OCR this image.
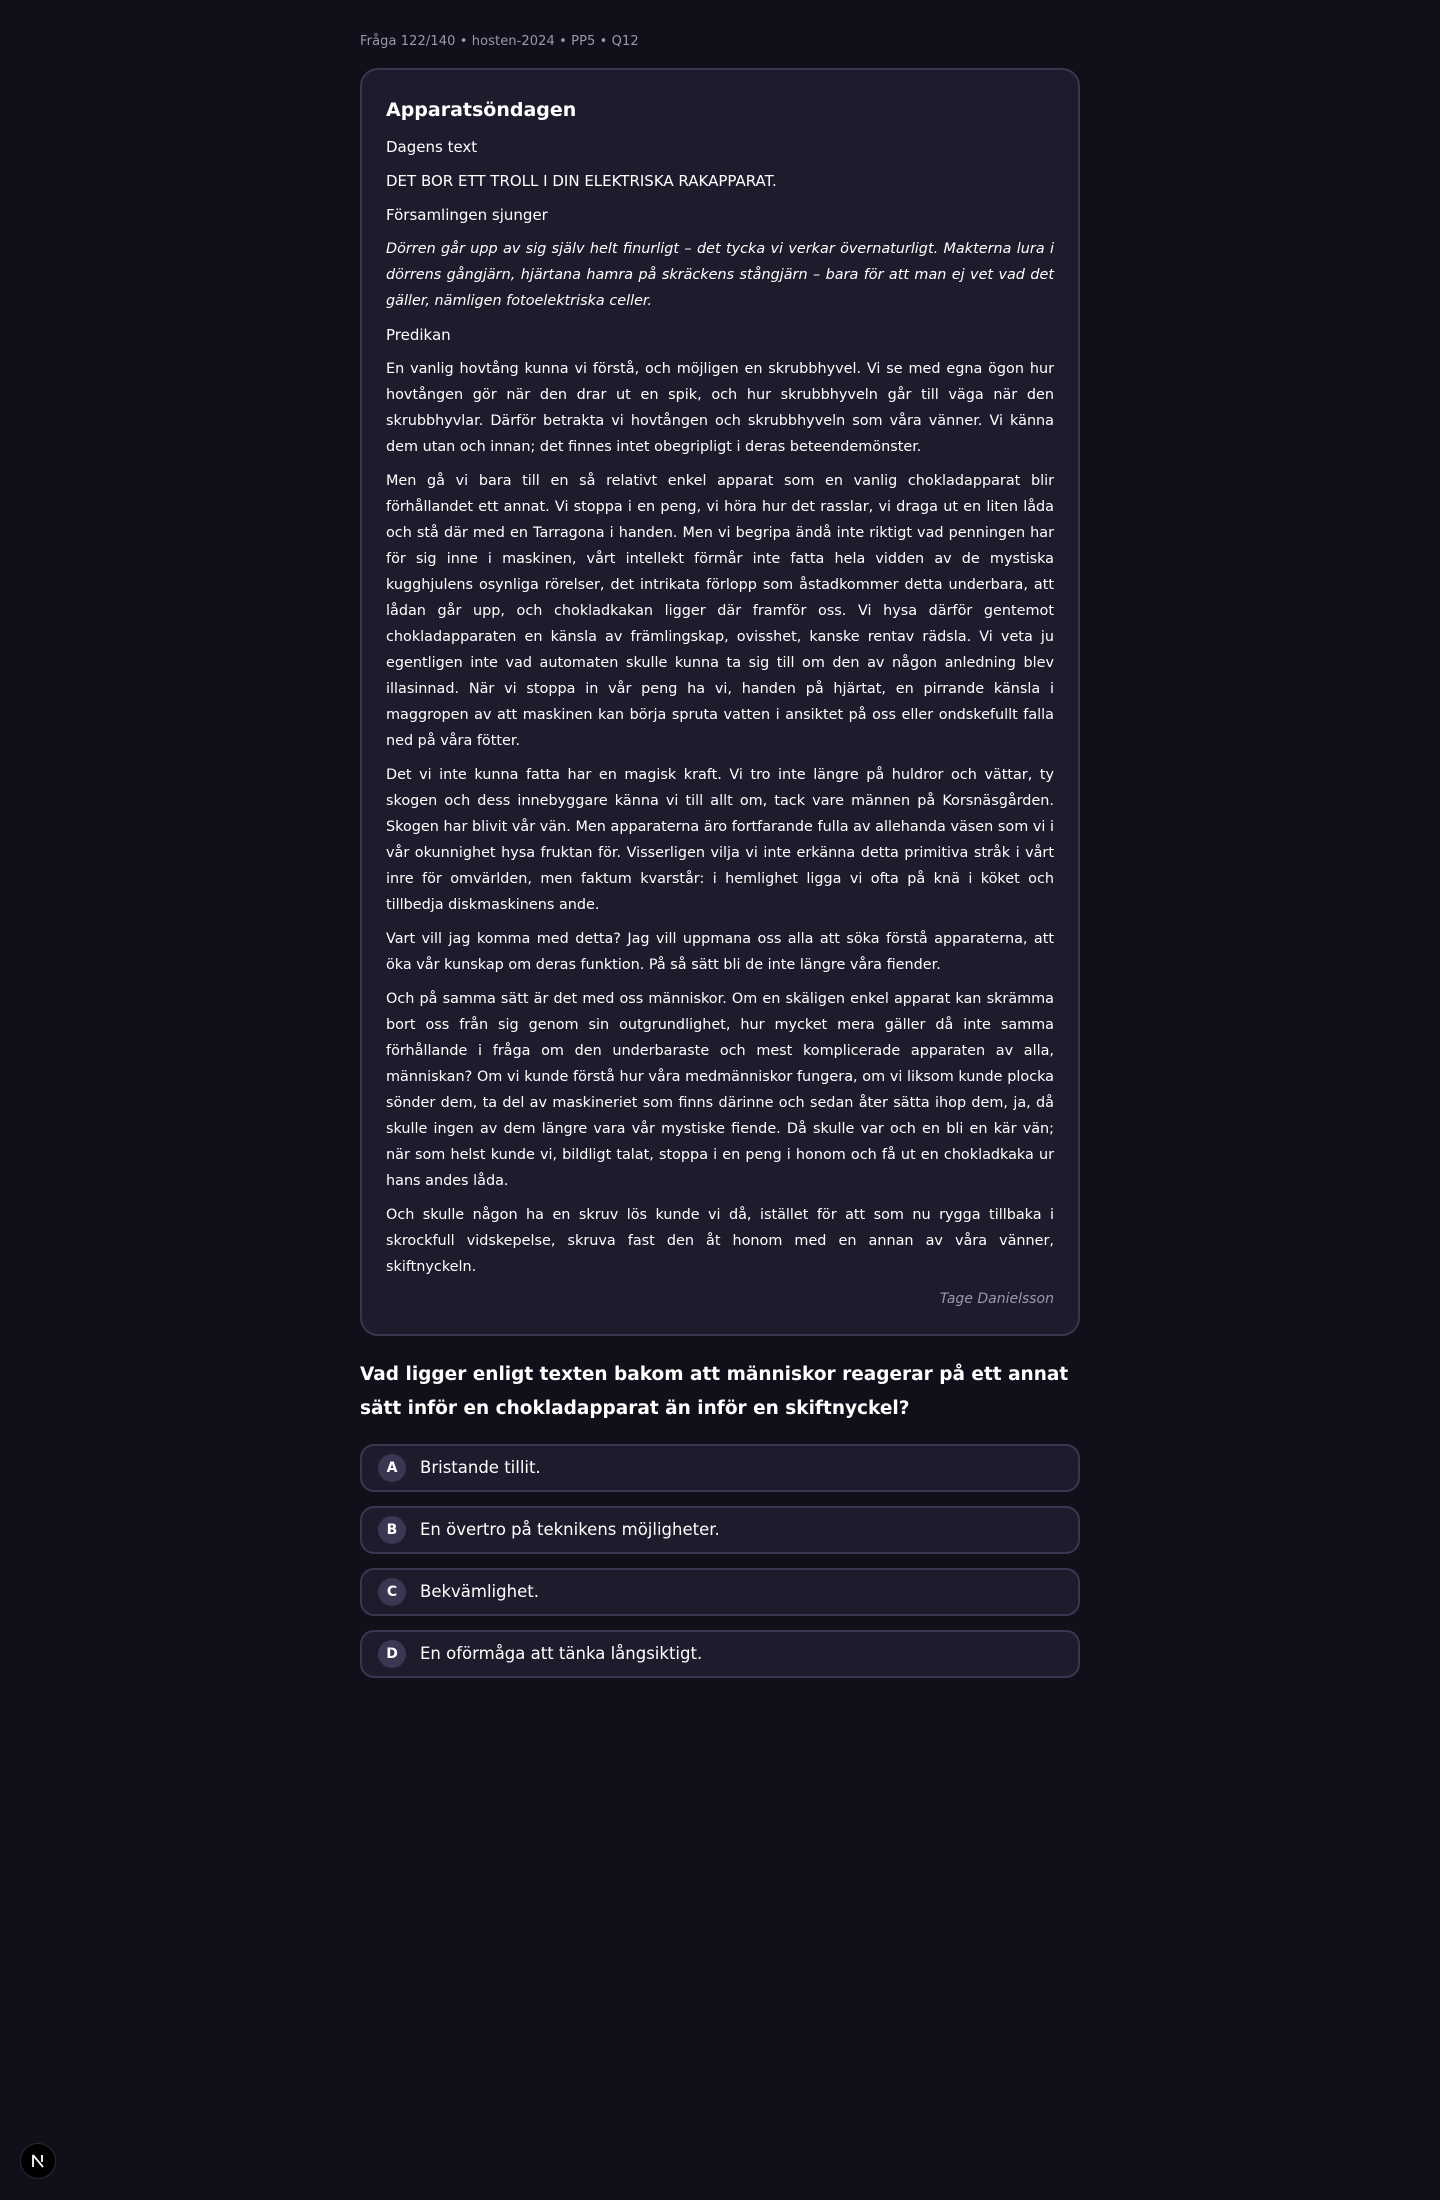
Fråga 122/140 • hosten-2024 • PP5 • Q12
Apparatsöndagen

Dagens text

DET BOR ETT TROLL I DIN ELEKTRISKA RAKAPPARAT.

Församlingen sjunger

Dörren går upp av sig själv helt finurligt – det tycka vi verkar övernaturligt. Makterna lura i dörrens gångjärn, hjärtana hamra på skräckens stångjärn – bara för att man ej vet vad det gäller, nämligen fotoelektriska celler.

Predikan

En vanlig hovtång kunna vi förstå, och möjligen en skrubbhyvel. Vi se med egna ögon hur hovtången gör när den drar ut en spik, och hur skrubbhyveln går till väga när den skrubbhyvlar. Därför betrakta vi hovtången och skrubbhyveln som våra vänner. Vi känna dem utan och innan; det finnes intet obegripligt i deras beteendemönster.

Men gå vi bara till en så relativt enkel apparat som en vanlig chokladapparat blir förhållandet ett annat. Vi stoppa i en peng, vi höra hur det rasslar, vi draga ut en liten låda och stå där med en Tarragona i handen. Men vi begripa ändå inte riktigt vad penningen har för sig inne i maskinen, vårt intellekt förmår inte fatta hela vidden av de mystiska kugghjulens osynliga rörelser, det intrikata förlopp som åstadkommer detta underbara, att lådan går upp, och chokladkakan ligger där framför oss. Vi hysa därför gentemot chokladapparaten en känsla av främlingskap, ovisshet, kanske rentav rädsla. Vi veta ju egentligen inte vad automaten skulle kunna ta sig till om den av någon anledning blev illasinnad. När vi stoppa in vår peng ha vi, handen på hjärtat, en pirrande känsla i maggropen av att maskinen kan börja spruta vatten i ansiktet på oss eller ondskefullt falla ned på våra fötter.

Det vi inte kunna fatta har en magisk kraft. Vi tro inte längre på huldror och vättar, ty skogen och dess innebyggare känna vi till allt om, tack vare männen på Korsnäsgården. Skogen har blivit vår vän. Men apparaterna äro fortfarande fulla av allehanda väsen som vi i vår okunnighet hysa fruktan för. Visserligen vilja vi inte erkänna detta primitiva stråk i vårt inre för omvärlden, men faktum kvarstår: i hemlighet ligga vi ofta på knä i köket och tillbedja diskmaskinens ande.

Vart vill jag komma med detta? Jag vill uppmana oss alla att söka förstå apparaterna, att öka vår kunskap om deras funktion. På så sätt bli de inte längre våra fiender.

Och på samma sätt är det med oss människor. Om en skäligen enkel apparat kan skrämma bort oss från sig genom sin outgrundlighet, hur mycket mera gäller då inte samma förhållande i fråga om den underbaraste och mest komplicerade apparaten av alla, människan? Om vi kunde förstå hur våra medmänniskor fungera, om vi liksom kunde plocka sönder dem, ta del av maskineriet som finns därinne och sedan åter sätta ihop dem, ja, då skulle ingen av dem längre vara vår mystiske fiende. Då skulle var och en bli en kär vän; när som helst kunde vi, bildligt talat, stoppa i en peng i honom och få ut en chokladkaka ur hans andes låda.

Och skulle någon ha en skruv lös kunde vi då, istället för att som nu rygga tillbaka i skrockfull vidskepelse, skruva fast den åt honom med en annan av våra vänner, skiftnyckeln.

Tage Danielsson
Vad ligger enligt texten bakom att människor reagerar på ett annat sätt inför en chokladapparat än inför en skiftnyckel?
A	Bristande tillit.
B	En övertro på teknikens möjligheter.
C	Bekvämlighet.
D	En oförmåga att tänka långsiktigt.
